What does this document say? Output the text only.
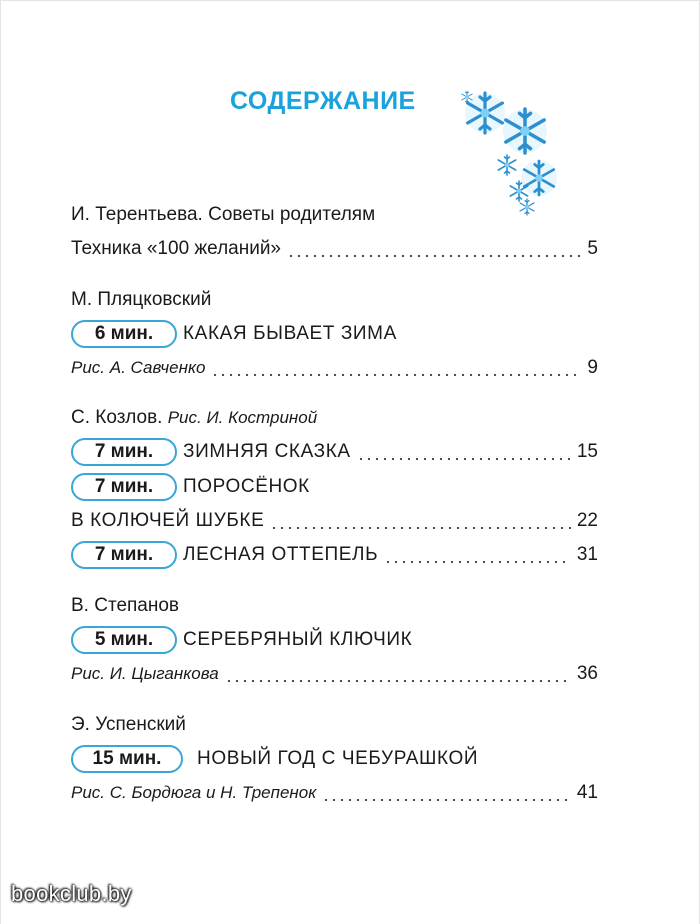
СОДЕРЖАНИЕ
И. Терентьева. Советы родителям
Техника «100 желаний»	5
М. Пляцковский
6 мин.	КАКАЯ БЫВАЕТ ЗИМА
Рис. А. Савченко	9
С. Козлов. Рис. И. Костриной
7 мин.	ЗИМНЯЯ СКАЗКА	15
7 мин.	ПОРОСЁНОК
В КОЛЮЧЕЙ ШУБКЕ	22
7 мин.	ЛЕСНАЯ ОТТЕПЕЛЬ	31
В. Степанов
5 мин.	СЕРЕБРЯНЫЙ КЛЮЧИК
Рис. И. Цыганкова	36
Э. Успенский
15 мин.	НОВЫЙ ГОД С ЧЕБУРАШКОЙ
Рис. С. Бордюга и Н. Трепенок	41
bookclub.by
